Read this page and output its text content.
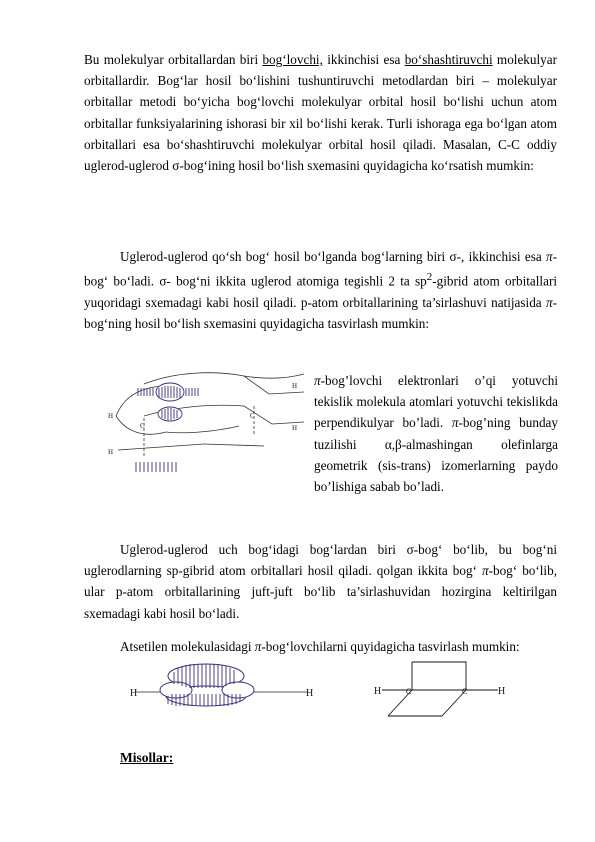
Bu molekulyar orbitallardan biri bog‘lovchi, ikkinchisi esa bo‘shashtiruvchi molekulyar orbitallardir. Bog‘lar hosil bo‘lishini tushuntiruvchi metodlardan biri – molekulyar orbitallar metodi bo‘yicha bog‘lovchi molekulyar orbital hosil bo‘lishi uchun atom orbitallar funksiyalarining ishorasi bir xil bo‘lishi kerak. Turli ishoraga ega bo‘lgan atom orbitallari esa bo‘shashtiruvchi molekulyar orbital hosil qiladi. Masalan, C-C oddiy uglerod-uglerod σ-bog‘ining hosil bo‘lish sxemasini quyidagicha ko‘rsatish mumkin:

Uglerod-uglerod qo‘sh bog‘ hosil bo‘lganda bog‘larning biri σ-, ikkinchisi esa π-bog‘ bo‘ladi. σ- bog‘ni ikkita uglerod atomiga tegishli 2 ta $sp^2$-gibrid atom orbitallari yuqoridagi sxemadagi kabi hosil qiladi. p-atom orbitallarining ta’sirlashuvi natijasida π-bog‘ning hosil bo‘lish sxemasini quyidagicha tasvirlash mumkin:

H
H
H
H
C
C

π-bog’lovchi elektronlari o’qi yotuvchi tekislik molekula atomlari yotuvchi tekislikda perpendikulyar bo’ladi. π-bog’ning bunday tuzilishi α,β-almashingan olefinlarga geometrik (sis-trans) izomerlarning paydo bo’lishiga sabab bo’ladi.

Uglerod-uglerod uch bog‘idagi bog‘lardan biri σ-bog‘ bo‘lib, bu bog‘ni uglerodlarning sp-gibrid atom orbitallari hosil qiladi. qolgan ikkita bog‘ π-bog‘ bo‘lib, ular p-atom orbitallarining juft-juft bo‘lib ta’sirlashuvidan hozirgina keltirilgan sxemadagi kabi hosil bo‘ladi.

Atsetilen molekulasidagi π-bog‘lovchilarni quyidagicha tasvirlash mumkin:

H	H	H	C	C	H

Misollar:
